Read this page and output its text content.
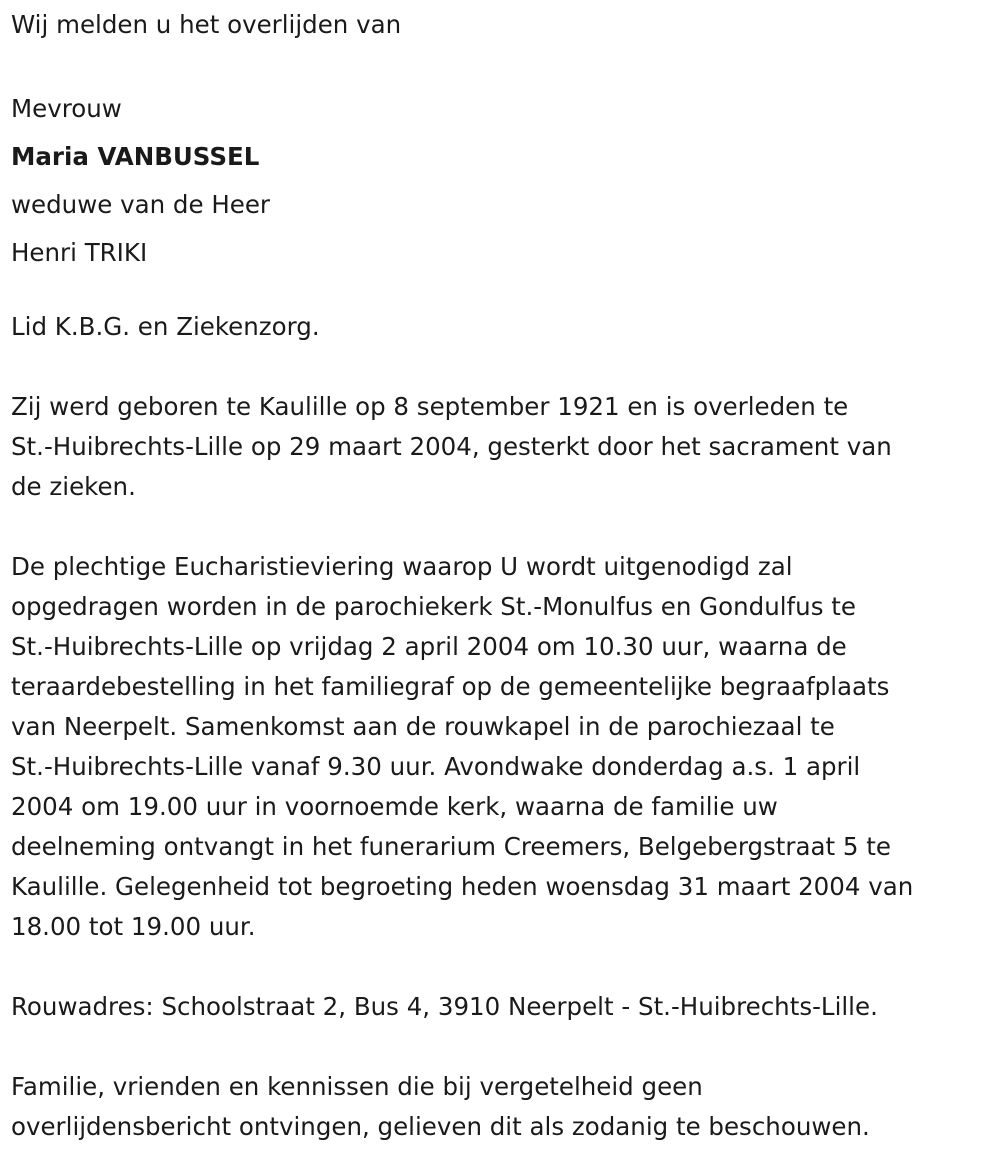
Wij melden u het overlijden van

Mevrouw

Maria VANBUSSEL

weduwe van de Heer

Henri TRIKI

Lid K.B.G. en Ziekenzorg.

Zij werd geboren te Kaulille op 8 september 1921 en is overleden te
St.-Huibrechts-Lille op 29 maart 2004, gesterkt door het sacrament van
de zieken.

De plechtige Eucharistieviering waarop U wordt uitgenodigd zal
opgedragen worden in de parochiekerk St.-Monulfus en Gondulfus te
St.-Huibrechts-Lille op vrijdag 2 april 2004 om 10.30 uur, waarna de
teraardebestelling in het familiegraf op de gemeentelijke begraafplaats
van Neerpelt. Samenkomst aan de rouwkapel in de parochiezaal te
St.-Huibrechts-Lille vanaf 9.30 uur. Avondwake donderdag a.s. 1 april
2004 om 19.00 uur in voornoemde kerk, waarna de familie uw
deelneming ontvangt in het funerarium Creemers, Belgebergstraat 5 te
Kaulille. Gelegenheid tot begroeting heden woensdag 31 maart 2004 van
18.00 tot 19.00 uur.

Rouwadres: Schoolstraat 2, Bus 4, 3910 Neerpelt - St.-Huibrechts-Lille.

Familie, vrienden en kennissen die bij vergetelheid geen
overlijdensbericht ontvingen, gelieven dit als zodanig te beschouwen.
